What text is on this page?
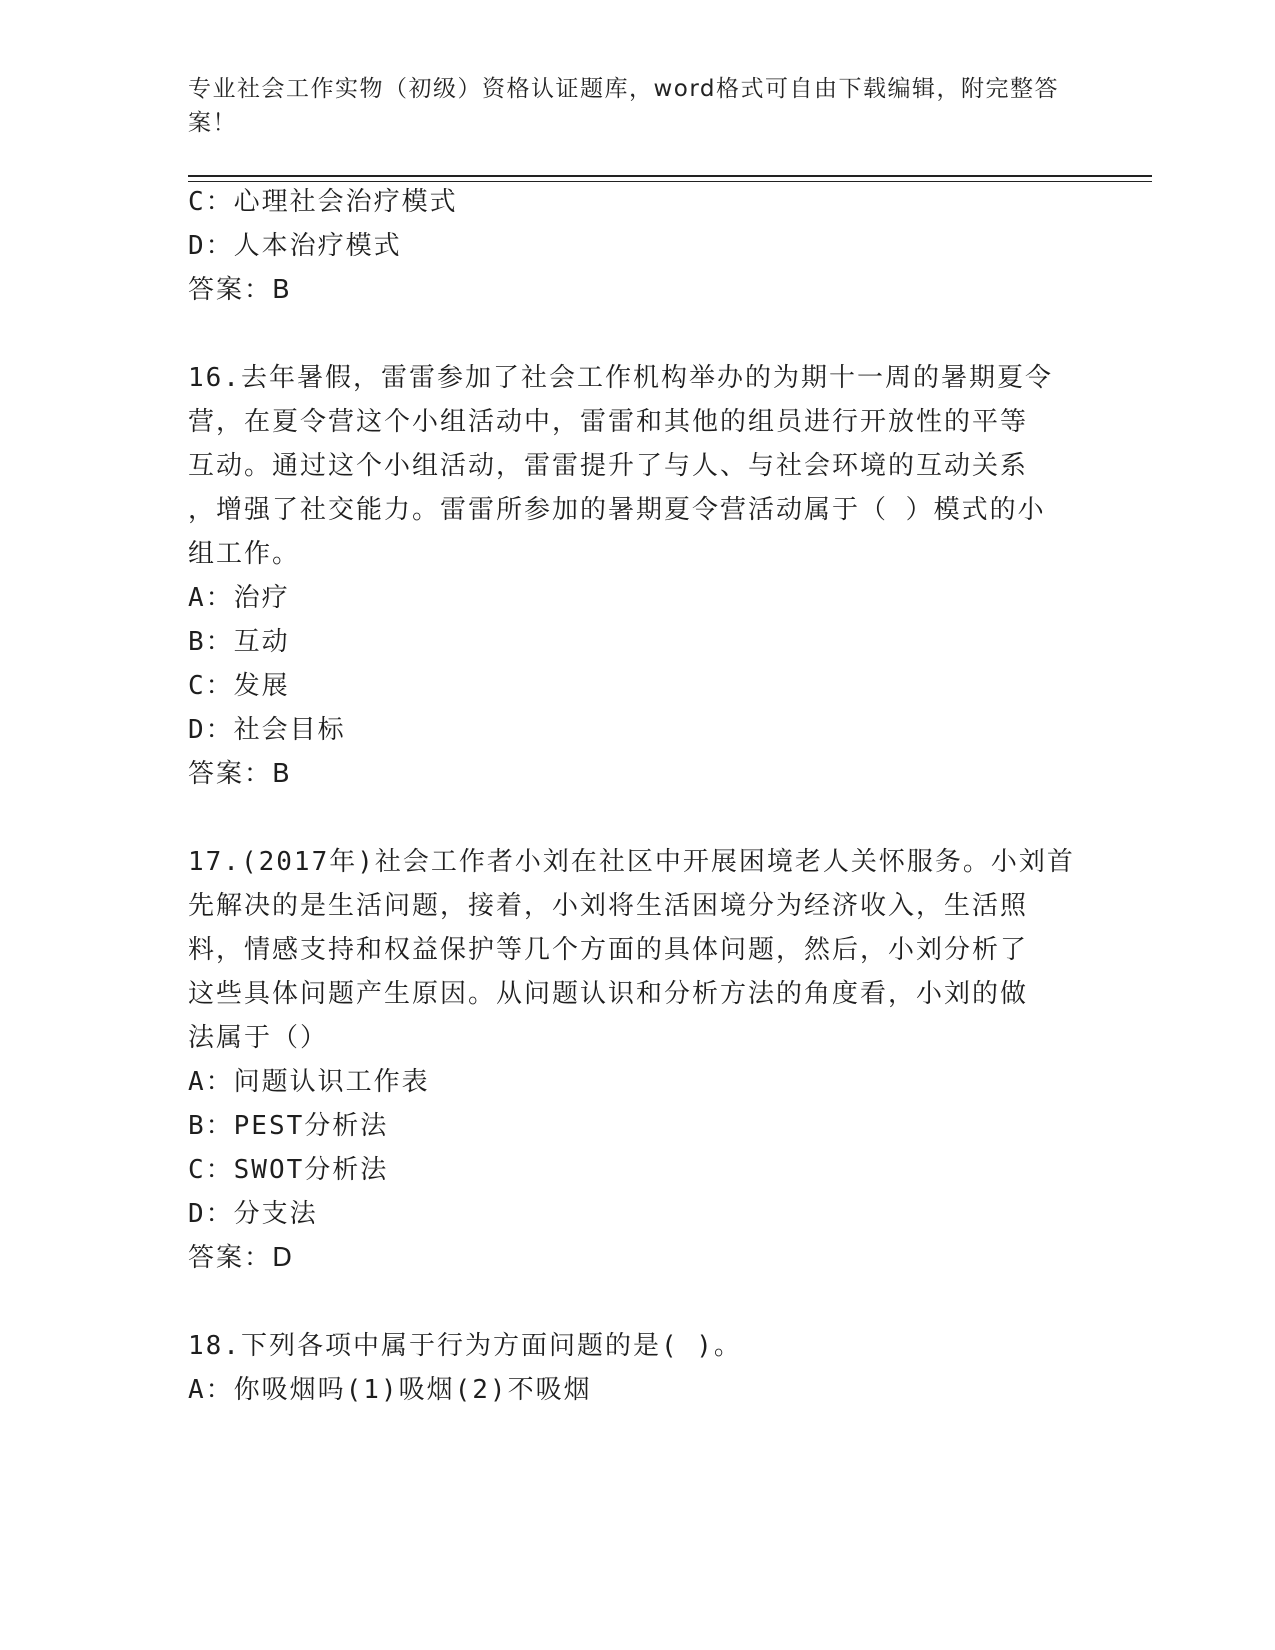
专业社会工作实物（初级）资格认证题库，word格式可自由下载编辑，附完整答案！
C：心理社会治疗模式
D：人本治疗模式
答案：B
16.去年暑假，雷雷参加了社会工作机构举办的为期十一周的暑期夏令
营，在夏令营这个小组活动中，雷雷和其他的组员进行开放性的平等
互动。通过这个小组活动，雷雷提升了与人、与社会环境的互动关系
，增强了社交能力。雷雷所参加的暑期夏令营活动属于（ ）模式的小
组工作。
A：治疗
B：互动
C：发展
D：社会目标
答案：B
17.(2017年)社会工作者小刘在社区中开展困境老人关怀服务。小刘首
先解决的是生活问题，接着，小刘将生活困境分为经济收入，生活照
料，情感支持和权益保护等几个方面的具体问题，然后，小刘分析了
这些具体问题产生原因。从问题认识和分析方法的角度看，小刘的做
法属于（）
A：问题认识工作表
B：PEST分析法
C：SWOT分析法
D：分支法
答案：D
18.下列各项中属于行为方面问题的是( )。
A：你吸烟吗(1)吸烟(2)不吸烟
